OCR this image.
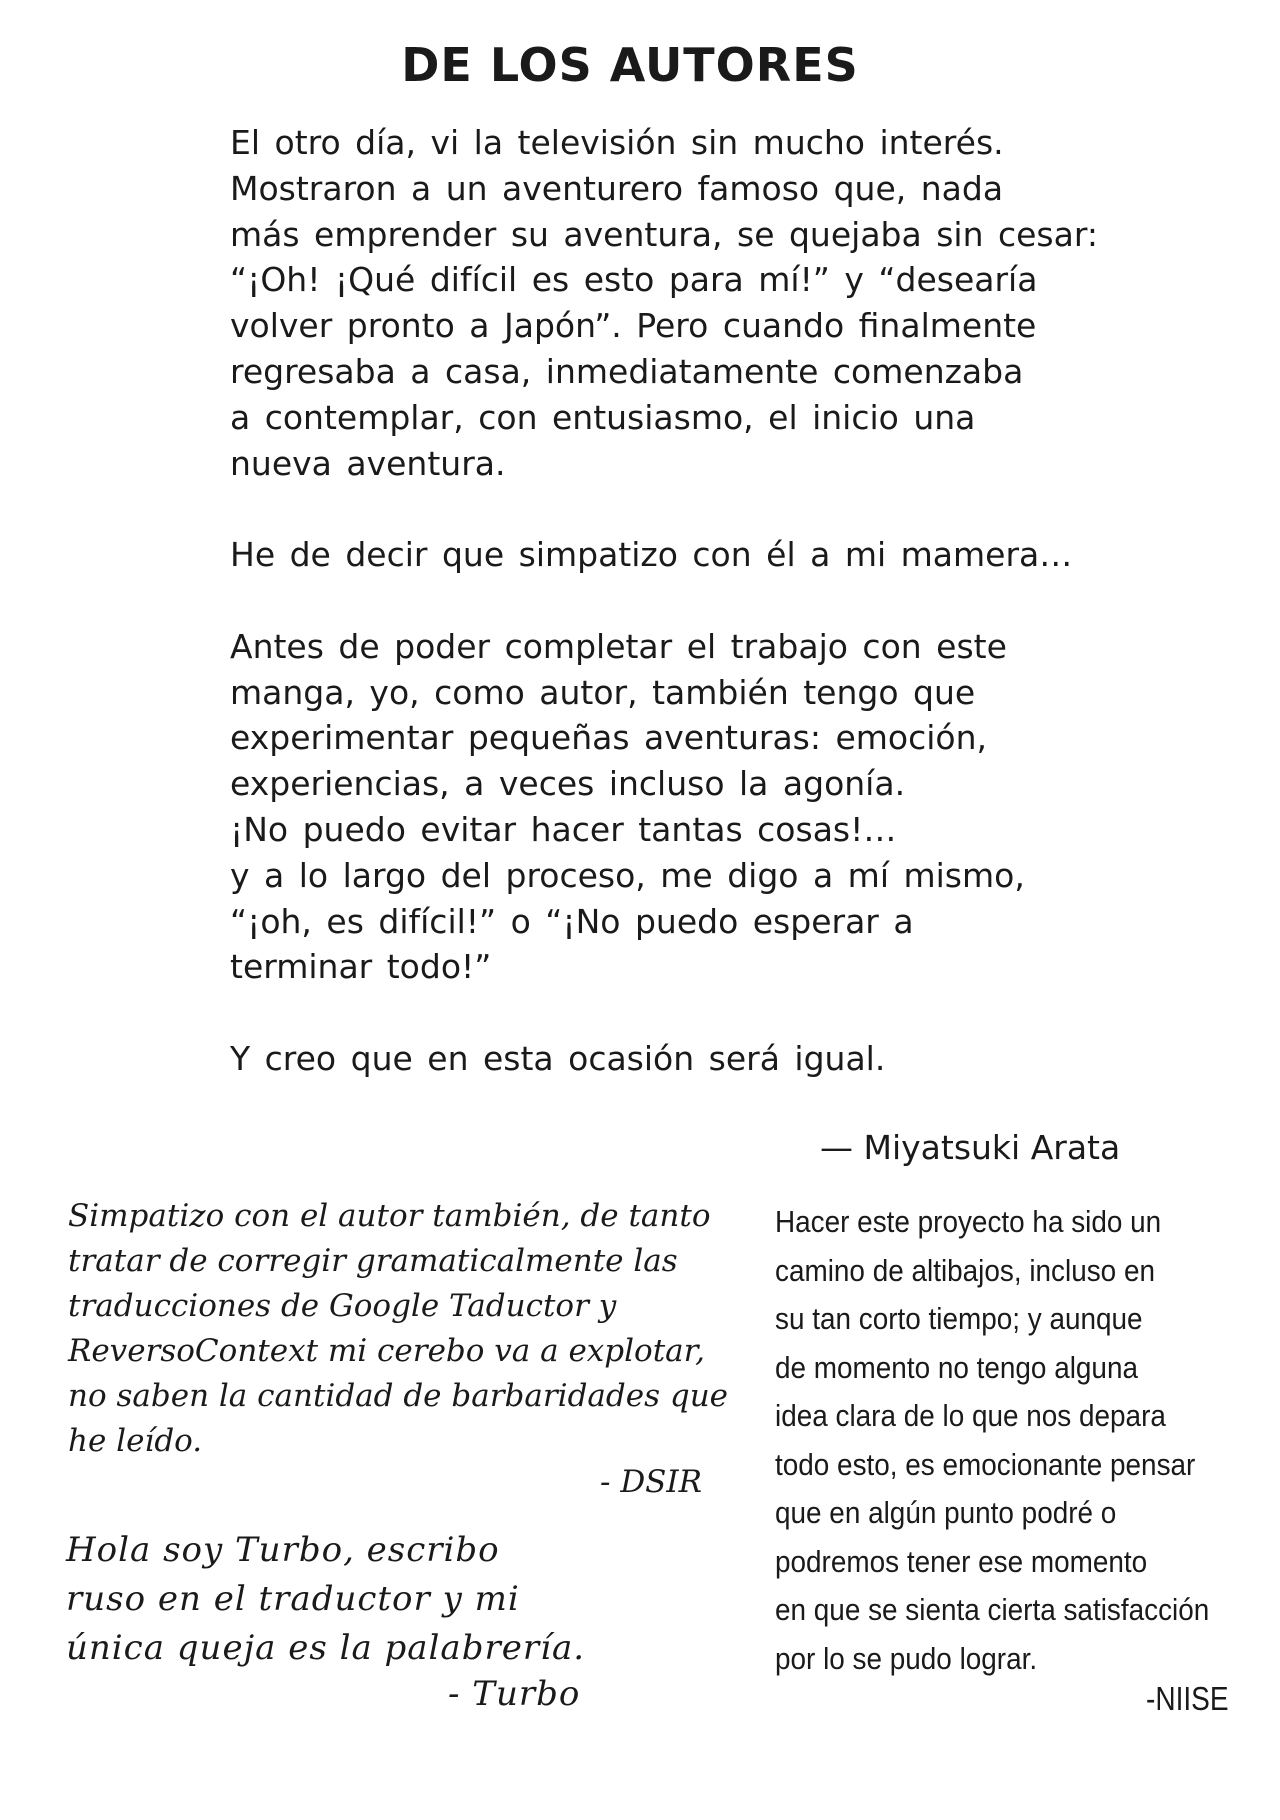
DE LOS AUTORES
El otro día, vi la televisión sin mucho interés.
Mostraron a un aventurero famoso que, nada
más emprender su aventura, se quejaba sin cesar:
“¡Oh! ¡Qué difícil es esto para mí!” y “desearía
volver pronto a Japón”. Pero cuando finalmente
regresaba a casa, inmediatamente comenzaba
a contemplar, con entusiasmo, el inicio una
nueva aventura.
He de decir que simpatizo con él a mi mamera…
Antes de poder completar el trabajo con este
manga, yo, como autor, también tengo que
experimentar pequeñas aventuras: emoción,
experiencias, a veces incluso la agonía.
¡No puedo evitar hacer tantas cosas!…
y a lo largo del proceso, me digo a mí mismo,
“¡oh, es difícil!” o “¡No puedo esperar a
terminar todo!”
Y creo que en esta ocasión será igual.
— Miyatsuki Arata
Simpatizo con el autor también, de tanto
tratar de corregir gramaticalmente las
traducciones de Google Taductor y
ReversoContext mi cerebo va a explotar,
no saben la cantidad de barbaridades que
he leído.
- DSIR
Hola soy Turbo, escribo
ruso en el traductor y mi
única queja es la palabrería.
- Turbo
Hacer este proyecto ha sido un
camino de altibajos, incluso en
su tan corto tiempo; y aunque
de momento no tengo alguna
idea clara de lo que nos depara
todo esto, es emocionante pensar
que en algún punto podré o
podremos tener ese momento
en que se sienta cierta satisfacción
por lo se pudo lograr.
-NIISE
